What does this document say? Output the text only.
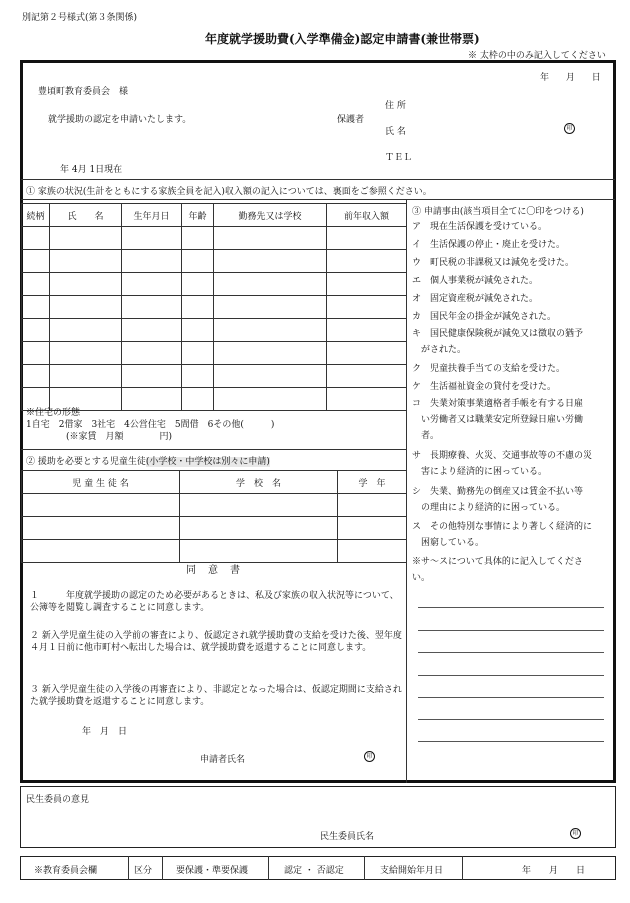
別記第２号様式(第３条関係)
年度就学援助費(入学準備金)認定申請書(兼世帯票)
※ 太枠の中のみ記入してください
年 月 日
豊頃町教育委員会　様
住 所
就学援助の認定を申請いたします。	保護者
氏 名	印
ＴＥＬ
年 4月 1日現在
① 家族の状況(生計をともにする家族全員を記入)収入額の記入については、裏面をご参照ください。
続柄	氏　　名	生年月日	年齢	勤務先又は学校	前年収入額

※住宅の形態
1自宅　2借家　3社宅　4公営住宅　5間借　6その他(　　　)
(※家賃　月額　　　　円)
② 援助を必要とする児童生徒(小学校・中学校は別々に申請)
児 童 生 徒 名	学　校　名	学　年

同　意　書
１　　　年度就学援助の認定のため必要があるときは、私及び家族の収入状況等について、公簿等を閲覧し調査することに同意します。
２ 新入学児童生徒の入学前の審査により、仮認定され就学援助費の支給を受けた後、翌年度４月１日前に他市町村へ転出した場合は、就学援助費を返還することに同意します。
３ 新入学児童生徒の入学後の再審査により、非認定となった場合は、仮認定期間に支給された就学援助費を返還することに同意します。
年　月　日
申請者氏名	印
③ 申請事由(該当項目全てに〇印をつける)
ア　現在生活保護を受けている。
イ　生活保護の停止・廃止を受けた。
ウ　町民税の非課税又は減免を受けた。
エ　個人事業税が減免された。
オ　固定資産税が減免された。
カ　国民年金の掛金が減免された。
キ　国民健康保険税が減免又は徴収の猶予
　がされた。
ク　児童扶養手当ての支給を受けた。
ケ　生活福祉資金の貸付を受けた。
コ　失業対策事業適格者手帳を有する日雇
　い労働者又は職業安定所登録日雇い労働
　者。
サ　長期療養、火災、交通事故等の不慮の災
　害により経済的に困っている。
シ　失業、勤務先の倒産又は賃金不払い等
　の理由により経済的に困っている。
ス　その他特別な事情により著しく経済的に
　困窮している。
※サ～スについて具体的に記入してくださ
い。
民生委員の意見
民生委員氏名	印
※教育委員会欄	区分	要保護・準要保護	認定 ・ 否認定	支給開始年月日	年　　月　　日
